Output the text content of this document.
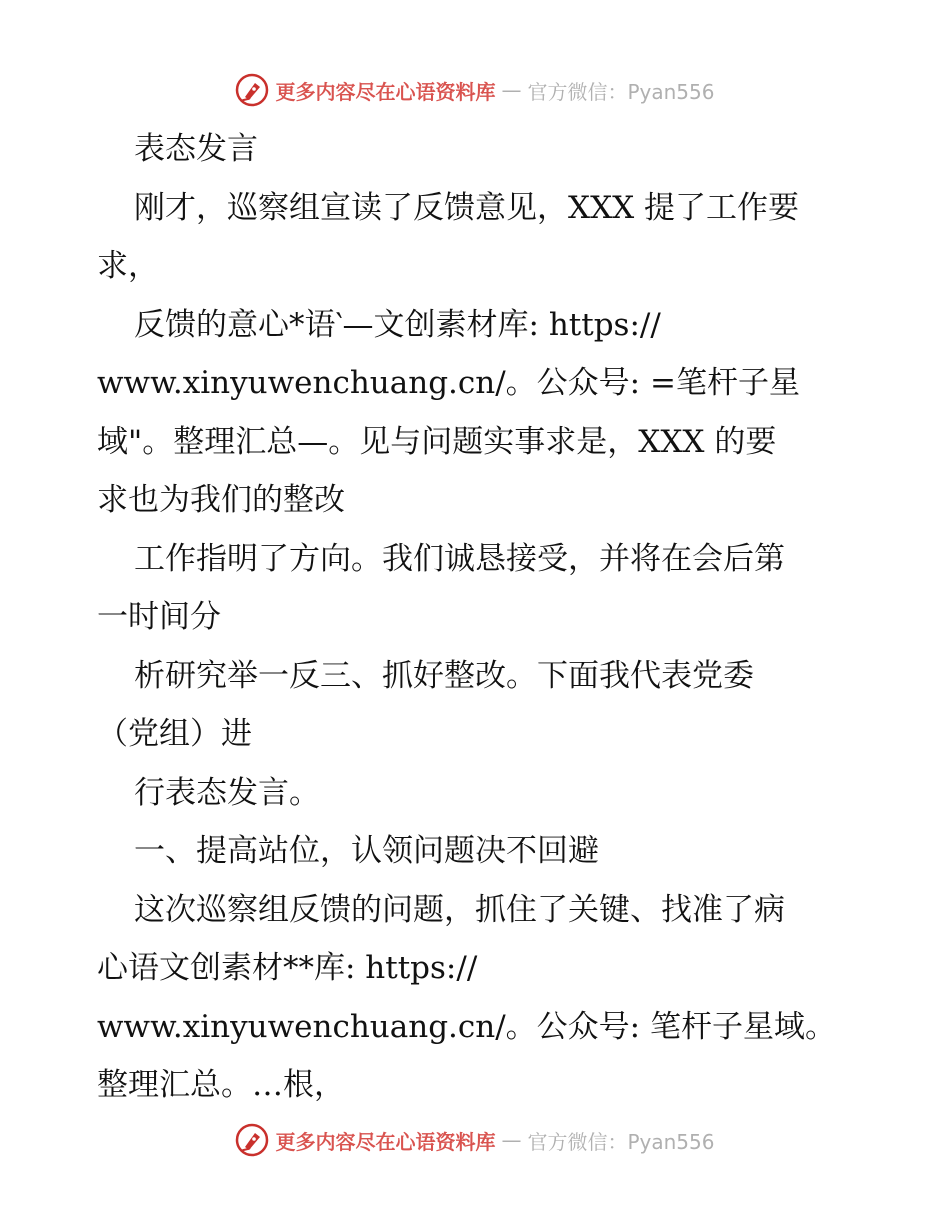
更多内容尽在心语资料库 — 官方微信：Pyan556
表态发言
刚才，巡察组宣读了反馈意见，XXX 提了工作要
求，
反馈的意心*语‵—文创素材库: https://
www.xinyuwenchuang.cn/。公众号: =笔杆子星
域"。整理汇总—。见与问题实事求是，XXX 的要
求也为我们的整改
工作指明了方向。我们诚恳接受，并将在会后第
一时间分
析研究举一反三、抓好整改。下面我代表党委
（党组）进
行表态发言。
一、提高站位，认领问题决不回避
这次巡察组反馈的问题，抓住了关键、找准了病
心语文创素材**库: https://
www.xinyuwenchuang.cn/。公众号: 笔杆子星域。
整理汇总。…根，
更多内容尽在心语资料库 — 官方微信：Pyan556
